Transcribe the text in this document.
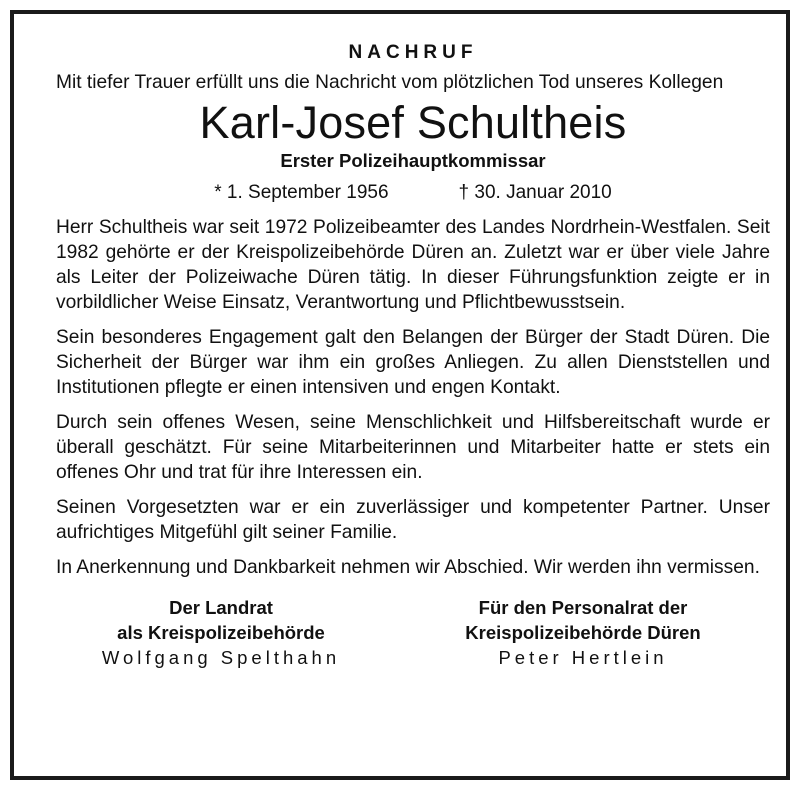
NACHRUF

Mit tiefer Trauer erfüllt uns die Nachricht vom plötzlichen Tod unseres Kollegen

Karl-Josef Schultheis
Erster Polizeihauptkommissar
* 1. September 1956	† 30. Januar 2010

Herr Schultheis war seit 1972 Polizeibeamter des Landes Nordrhein-Westfalen. Seit 1982 gehörte er der Kreispolizeibehörde Düren an. Zuletzt war er über viele Jahre als Leiter der Polizeiwache Düren tätig. In dieser Führungsfunktion zeigte er in vorbildlicher Weise Einsatz, Verantwortung und Pflichtbewusstsein.

Sein besonderes Engagement galt den Belangen der Bürger der Stadt Düren. Die Sicherheit der Bürger war ihm ein großes Anliegen. Zu allen Dienststellen und Institutionen pflegte er einen intensiven und engen Kontakt.

Durch sein offenes Wesen, seine Menschlichkeit und Hilfsbereitschaft wurde er überall geschätzt. Für seine Mitarbeiterinnen und Mitarbeiter hatte er stets ein offenes Ohr und trat für ihre Interessen ein.

Seinen Vorgesetzten war er ein zuverlässiger und kompetenter Partner. Unser aufrichtiges Mitgefühl gilt seiner Familie.

In Anerkennung und Dankbarkeit nehmen wir Abschied. Wir werden ihn vermissen.

Der Landrat
als Kreispolizeibehörde
Wolfgang Spelthahn
Für den Personalrat der
Kreispolizeibehörde Düren
Peter Hertlein
